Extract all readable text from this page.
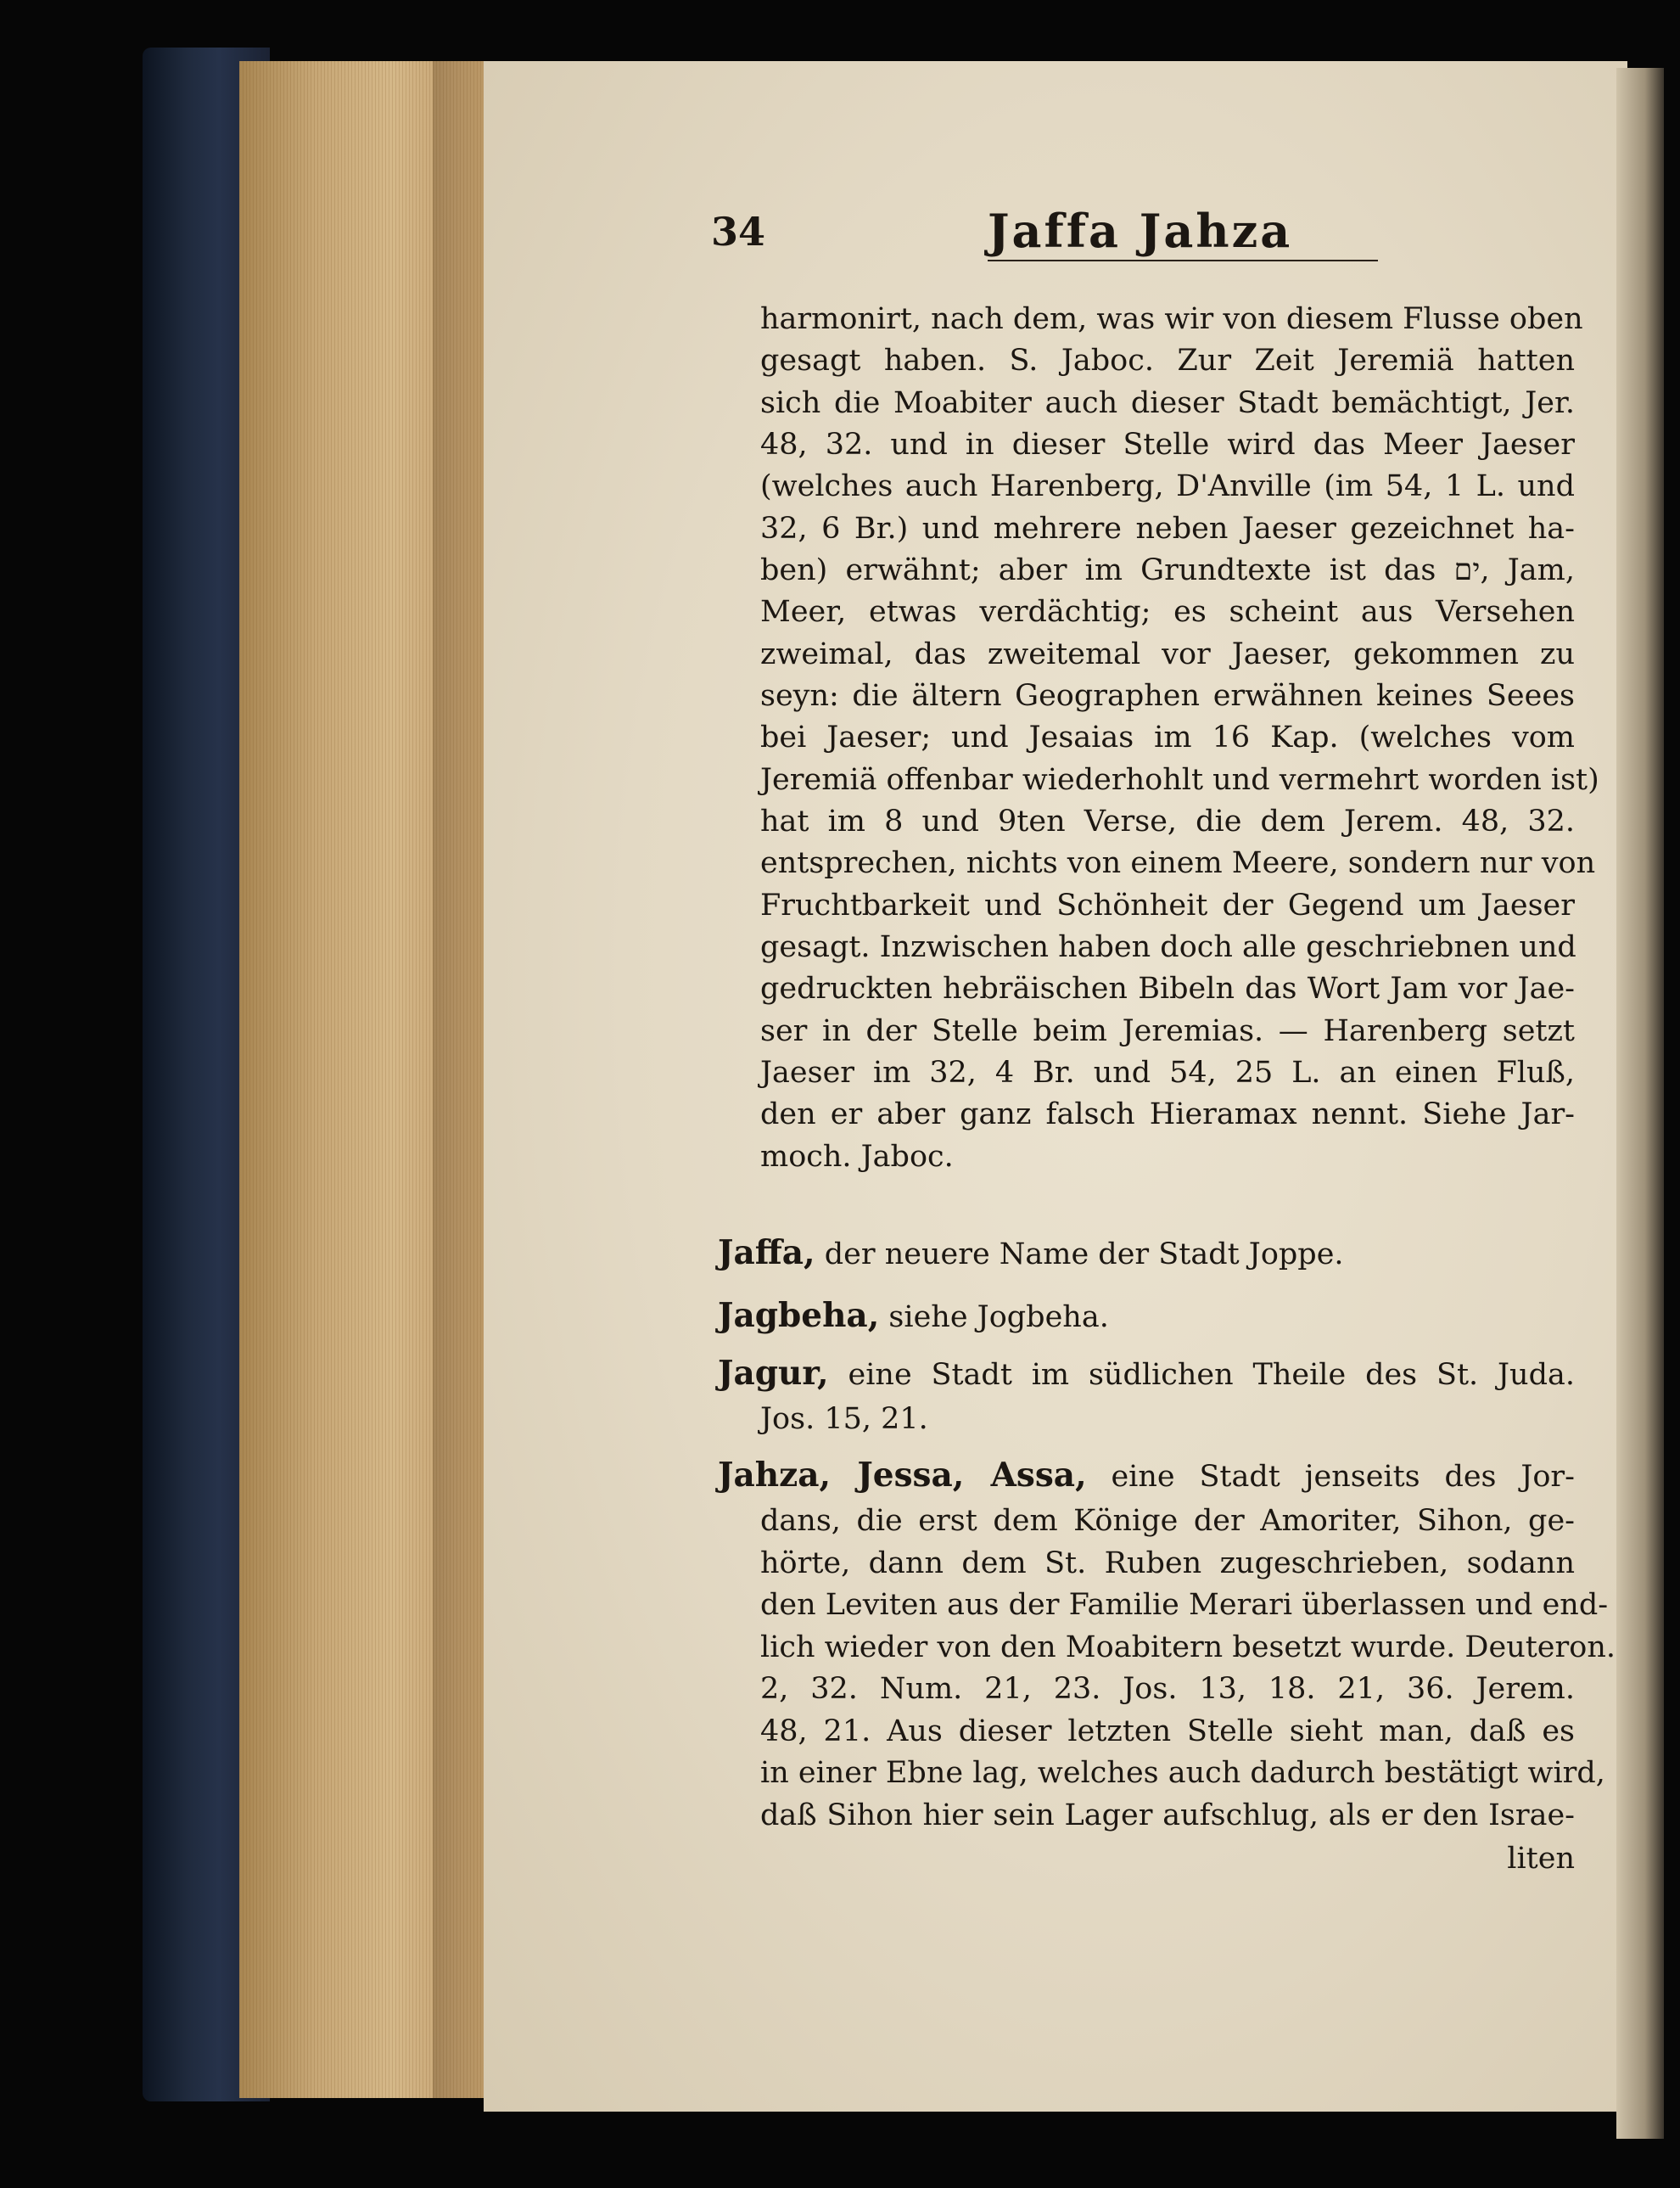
34	Jaffa Jahza
harmonirt, nach dem, was wir von diesem Flusse oben
gesagt haben. S. Jaboc. Zur Zeit Jeremiä hatten
sich die Moabiter auch dieser Stadt bemächtigt, Jer.
48, 32. und in dieser Stelle wird das Meer Jaeser
(welches auch Harenberg, D'Anville (im 54, 1 L. und
32, 6 Br.) und mehrere neben Jaeser gezeichnet ha-
ben) erwähnt; aber im Grundtexte ist das ים, Jam,
Meer, etwas verdächtig; es scheint aus Versehen
zweimal, das zweitemal vor Jaeser, gekommen zu
seyn: die ältern Geographen erwähnen keines Seees
bei Jaeser; und Jesaias im 16 Kap. (welches vom
Jeremiä offenbar wiederhohlt und vermehrt worden ist)
hat im 8 und 9ten Verse, die dem Jerem. 48, 32.
entsprechen, nichts von einem Meere, sondern nur von
Fruchtbarkeit und Schönheit der Gegend um Jaeser
gesagt. Inzwischen haben doch alle geschriebnen und
gedruckten hebräischen Bibeln das Wort Jam vor Jae-
ser in der Stelle beim Jeremias. — Harenberg setzt
Jaeser im 32, 4 Br. und 54, 25 L. an einen Fluß,
den er aber ganz falsch Hieramax nennt. Siehe Jar-
moch. Jaboc.
Jaffa, der neuere Name der Stadt Joppe.
Jagbeha, siehe Jogbeha.
Jagur, eine Stadt im südlichen Theile des St. Juda.
Jos. 15, 21.
Jahza, Jessa, Assa, eine Stadt jenseits des Jor-
dans, die erst dem Könige der Amoriter, Sihon, ge-
hörte, dann dem St. Ruben zugeschrieben, sodann
den Leviten aus der Familie Merari überlassen und end-
lich wieder von den Moabitern besetzt wurde. Deuteron.
2, 32. Num. 21, 23. Jos. 13, 18. 21, 36. Jerem.
48, 21. Aus dieser letzten Stelle sieht man, daß es
in einer Ebne lag, welches auch dadurch bestätigt wird,
daß Sihon hier sein Lager aufschlug, als er den Israe-
liten
